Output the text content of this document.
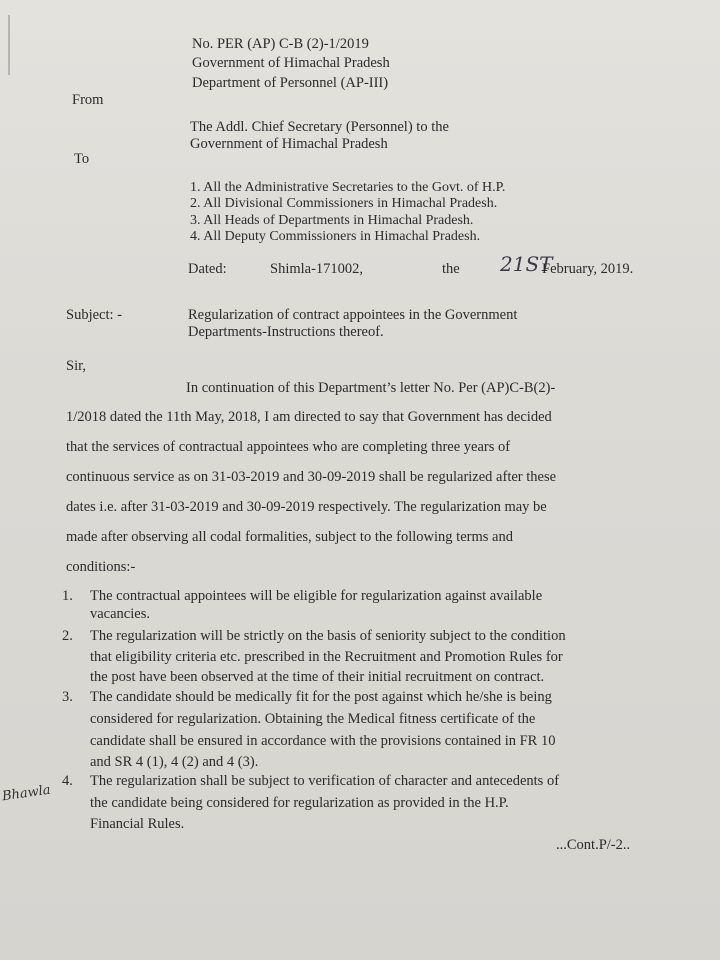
No. PER (AP) C-B (2)-1/2019
Government of Himachal Pradesh
Department of Personnel (AP-III)
From
The Addl. Chief Secretary (Personnel) to the
Government of Himachal Pradesh
To
1. All the Administrative Secretaries to the Govt. of H.P.
2. All Divisional Commissioners in Himachal Pradesh.
3. All Heads of Departments in Himachal Pradesh.
4. All Deputy Commissioners in Himachal Pradesh.
Dated:	Shimla-171002,	the 21ST
February, 2019.
Subject: -	Regularization of contract appointees in the Government
Departments-Instructions thereof.
Sir,
In continuation of this Department’s letter No. Per (AP)C-B(2)-
1/2018 dated the 11th May, 2018, I am directed to say that Government has decided
that the services of contractual appointees who are completing three years of
continuous service as on 31-03-2019 and 30-09-2019 shall be regularized after these
dates i.e. after 31-03-2019 and 30-09-2019 respectively. The regularization may be
made after observing all codal formalities, subject to the following terms and
conditions:-
1. The contractual appointees will be eligible for regularization against available
vacancies.
2. The regularization will be strictly on the basis of seniority subject to the condition
that eligibility criteria etc. prescribed in the Recruitment and Promotion Rules for
the post have been observed at the time of their initial recruitment on contract.
3. The candidate should be medically fit for the post against which he/she is being
considered for regularization. Obtaining the Medical fitness certificate of the
candidate shall be ensured in accordance with the provisions contained in FR 10
and SR 4 (1), 4 (2) and 4 (3).
4. The regularization shall be subject to verification of character and antecedents of
the candidate being considered for regularization as provided in the H.P.
Financial Rules.
Bhawla
...Cont.P/-2..
